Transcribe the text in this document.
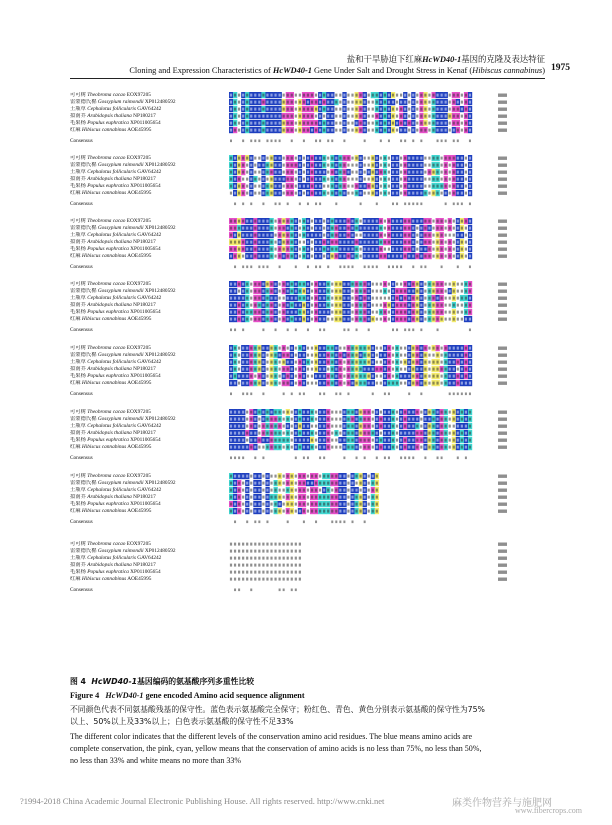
盐和干旱胁迫下红麻HcWD40-1基因的克隆及表达特征
Cloning and Expression Characteristics of HcWD40-1 Gene Under Salt and Drought Stress in Kenaf (Hibiscus cannabinus) 1975
可可树 Theobroma cacao EOX97205
雷蒙德氏棉 Gossypium raimondii XP012480592
土瓶草 Cephalotus follicularis GAV64242
拟南芥 Arabidopsis thaliana NP180217
毛果杨 Populus euphratica XP011005654
红麻 Hibiscus cannabinus AOE45995
Consensus
可可树 Theobroma cacao EOX97205
雷蒙德氏棉 Gossypium raimondii XP012480592
土瓶草 Cephalotus follicularis GAV64242
拟南芥 Arabidopsis thaliana NP180217
毛果杨 Populus euphratica XP011005654
红麻 Hibiscus cannabinus AOE45995
Consensus
可可树 Theobroma cacao EOX97205
雷蒙德氏棉 Gossypium raimondii XP012480592
土瓶草 Cephalotus follicularis GAV64242
拟南芥 Arabidopsis thaliana NP180217
毛果杨 Populus euphratica XP011005654
红麻 Hibiscus cannabinus AOE45995
Consensus
可可树 Theobroma cacao EOX97205
雷蒙德氏棉 Gossypium raimondii XP012480592
土瓶草 Cephalotus follicularis GAV64242
拟南芥 Arabidopsis thaliana NP180217
毛果杨 Populus euphratica XP011005654
红麻 Hibiscus cannabinus AOE45995
Consensus
可可树 Theobroma cacao EOX97205
雷蒙德氏棉 Gossypium raimondii XP012480592
土瓶草 Cephalotus follicularis GAV64242
拟南芥 Arabidopsis thaliana NP180217
毛果杨 Populus euphratica XP011005654
红麻 Hibiscus cannabinus AOE45995
Consensus
可可树 Theobroma cacao EOX97205
雷蒙德氏棉 Gossypium raimondii XP012480592
土瓶草 Cephalotus follicularis GAV64242
拟南芥 Arabidopsis thaliana NP180217
毛果杨 Populus euphratica XP011005654
红麻 Hibiscus cannabinus AOE45995
Consensus
可可树 Theobroma cacao EOX97205
雷蒙德氏棉 Gossypium raimondii XP012480592
土瓶草 Cephalotus follicularis GAV64242
拟南芥 Arabidopsis thaliana NP180217
毛果杨 Populus euphratica XP011005654
红麻 Hibiscus cannabinus AOE45995
Consensus
可可树 Theobroma cacao EOX97205
雷蒙德氏棉 Gossypium raimondii XP012480592
土瓶草 Cephalotus follicularis GAV64242
拟南芥 Arabidopsis thaliana NP180217
毛果杨 Populus euphratica XP011005654
红麻 Hibiscus cannabinus AOE45995
Consensus
图 4 HcWD40-1基因编码的氨基酸序列多重性比较
Figure 4 HcWD40-1 gene encoded Amino acid sequence alignment
不同颜色代表不同氨基酸残基的保守性。蓝色表示氨基酸完全保守；粉红色、青色、黄色分别表示氨基酸的保守性为75%
以上、50%以上及33%以上；白色表示氨基酸的保守性不足33%
The different color indicates that the different levels of the conservation amino acid residues. The blue means amino acids are
complete conservation, the pink, cyan, yellow means that the conservation of amino acids is no less than 75%, no less than 50%,
no less than 33% and white means no more than 33%
?1994-2018 China Academic Journal Electronic Publishing House. All rights reserved. http://www.cnki.net	麻类作物营养与施肥网
www.fibercrops.com
